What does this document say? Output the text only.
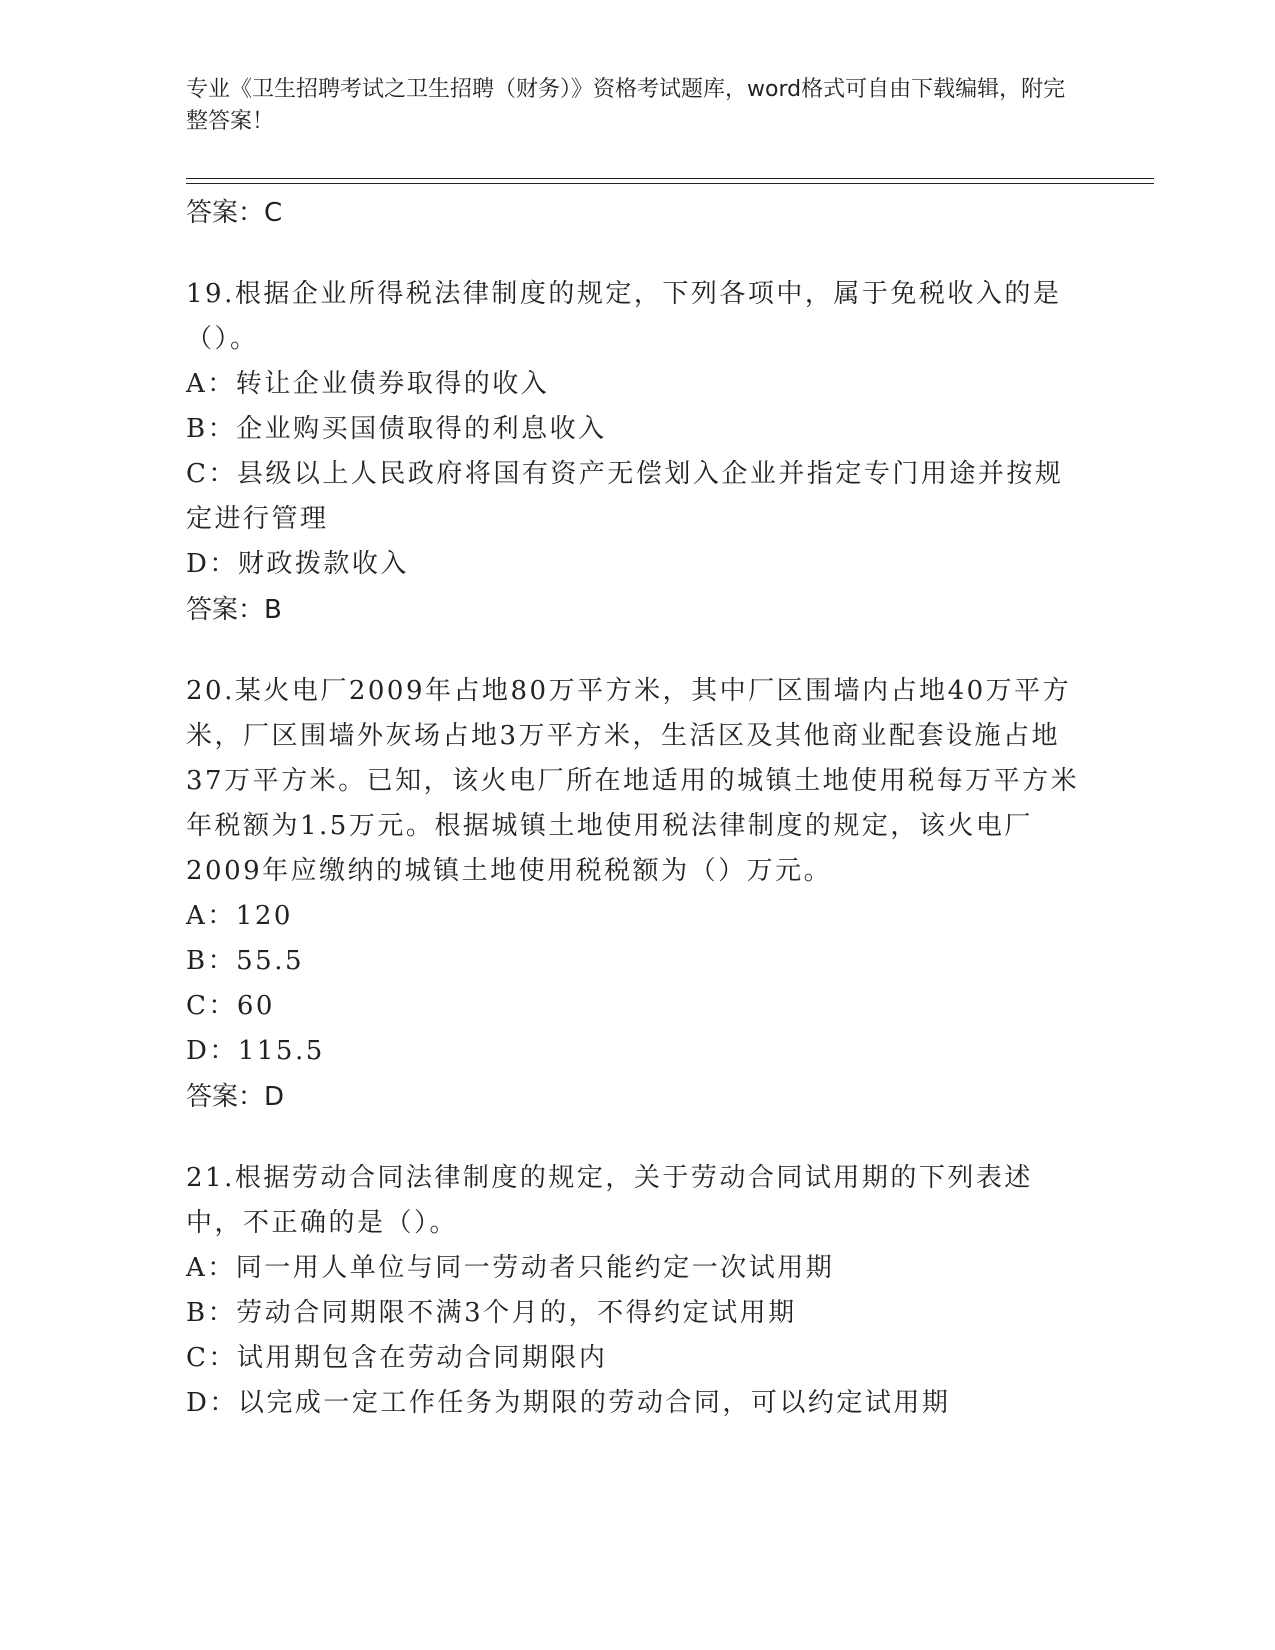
专业《卫生招聘考试之卫生招聘（财务）》资格考试题库，word格式可自由下载编辑，附完整答案！
答案：C
19.根据企业所得税法律制度的规定，下列各项中，属于免税收入的是（）。
A：转让企业债券取得的收入
B：企业购买国债取得的利息收入
C：县级以上人民政府将国有资产无偿划入企业并指定专门用途并按规定进行管理
D：财政拨款收入
答案：B
20.某火电厂2009年占地80万平方米，其中厂区围墙内占地40万平方米，厂区围墙外灰场占地3万平方米，生活区及其他商业配套设施占地37万平方米。已知，该火电厂所在地适用的城镇土地使用税每万平方米年税额为1.5万元。根据城镇土地使用税法律制度的规定，该火电厂2009年应缴纳的城镇土地使用税税额为（）万元。
A：120
B：55.5
C：60
D：115.5
答案：D
21.根据劳动合同法律制度的规定，关于劳动合同试用期的下列表述中，不正确的是（）。
A：同一用人单位与同一劳动者只能约定一次试用期
B：劳动合同期限不满3个月的，不得约定试用期
C：试用期包含在劳动合同期限内
D：以完成一定工作任务为期限的劳动合同，可以约定试用期
